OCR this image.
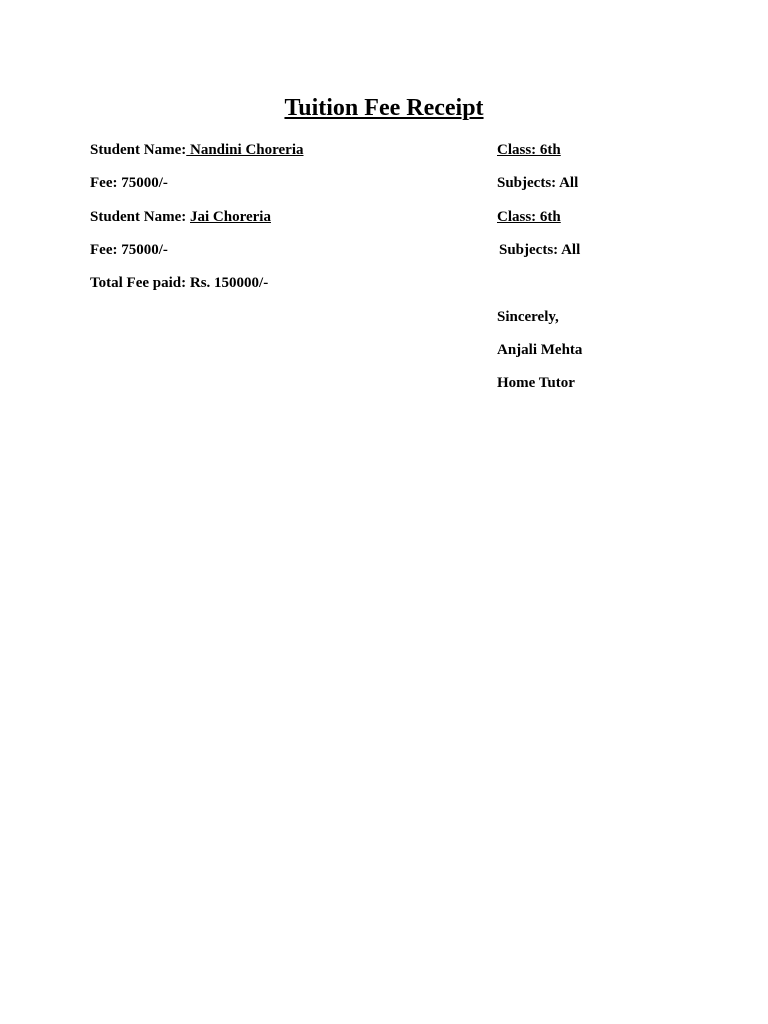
Tuition Fee Receipt
Student Name: Nandini Choreria	Class: 6th
Fee: 75000/-	Subjects: All
Student Name: Jai Choreria	Class: 6th
Fee: 75000/-	Subjects: All
Total Fee paid: Rs. 150000/-
Sincerely,
Anjali Mehta
Home Tutor
